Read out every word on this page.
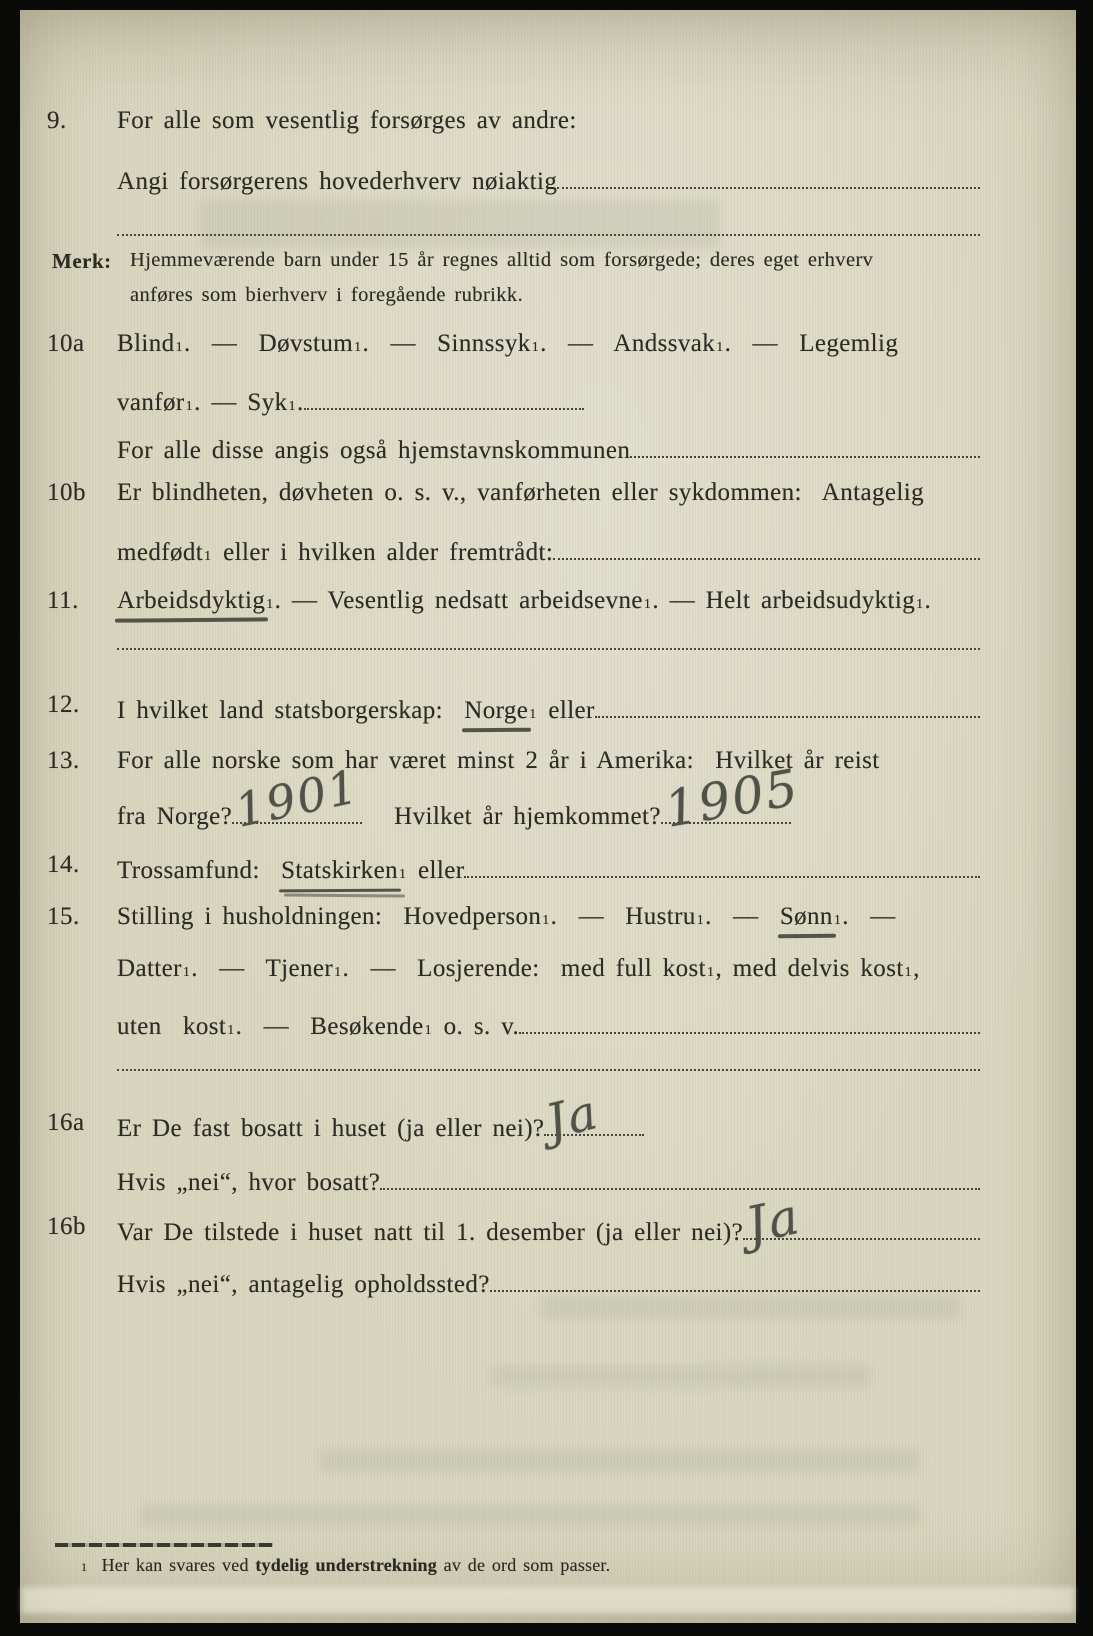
9.	For alle som vesentlig forsørges av andre:
Angi forsørgerens hovederhverv nøiaktig
Merk: Hjemmeværende barn under 15 år regnes alltid som forsørgede; deres eget erhverv
anføres som bierhverv i foregående rubrikk.
10a	Blind 1 .  —  Døvstum 1 .  —  Sinnssyk 1 .  —  Andssvak 1 .  —  Legemlig
vanfør 1 . — Syk 1 .
For alle disse angis også hjemstavnskommunen
10b	Er blindheten, døvheten o. s. v., vanførheten eller sykdommen:  Antagelig
medfødt 1 eller i hvilken alder fremtrådt:
11.	Arbeidsdyktig 1 . — Vesentlig nedsatt arbeidsevne 1 . — Helt arbeidsudyktig 1 .
12.	I hvilket land statsborgerskap: Norge 1 eller
13.	For alle norske som har været minst 2 år i Amerika:  Hvilket år reist
fra Norge?
1901 Hvilket år hjemkommet? 1905
14.	Trossamfund: Statskirken 1 eller
15.	Stilling i husholdningen:  Hovedperson 1 .  —  Hustru 1 .  — Sønn 1 .  —
Datter 1 .  —  Tjener 1 .  —  Losjerende:  med full kost 1 , med delvis kost 1 ,
uten  kost 1 .  —  Besøkende 1 o. s. v.
16a	Er De fast bosatt i huset (ja eller nei)?
Ja
Hvis „nei“, hvor bosatt?
16b	Var De tilstede i huset natt til 1. desember (ja eller nei)?
Ja
Hvis „nei“, antagelig opholdssted?
1 Her kan svares ved tydelig understrekning av de ord som passer.
